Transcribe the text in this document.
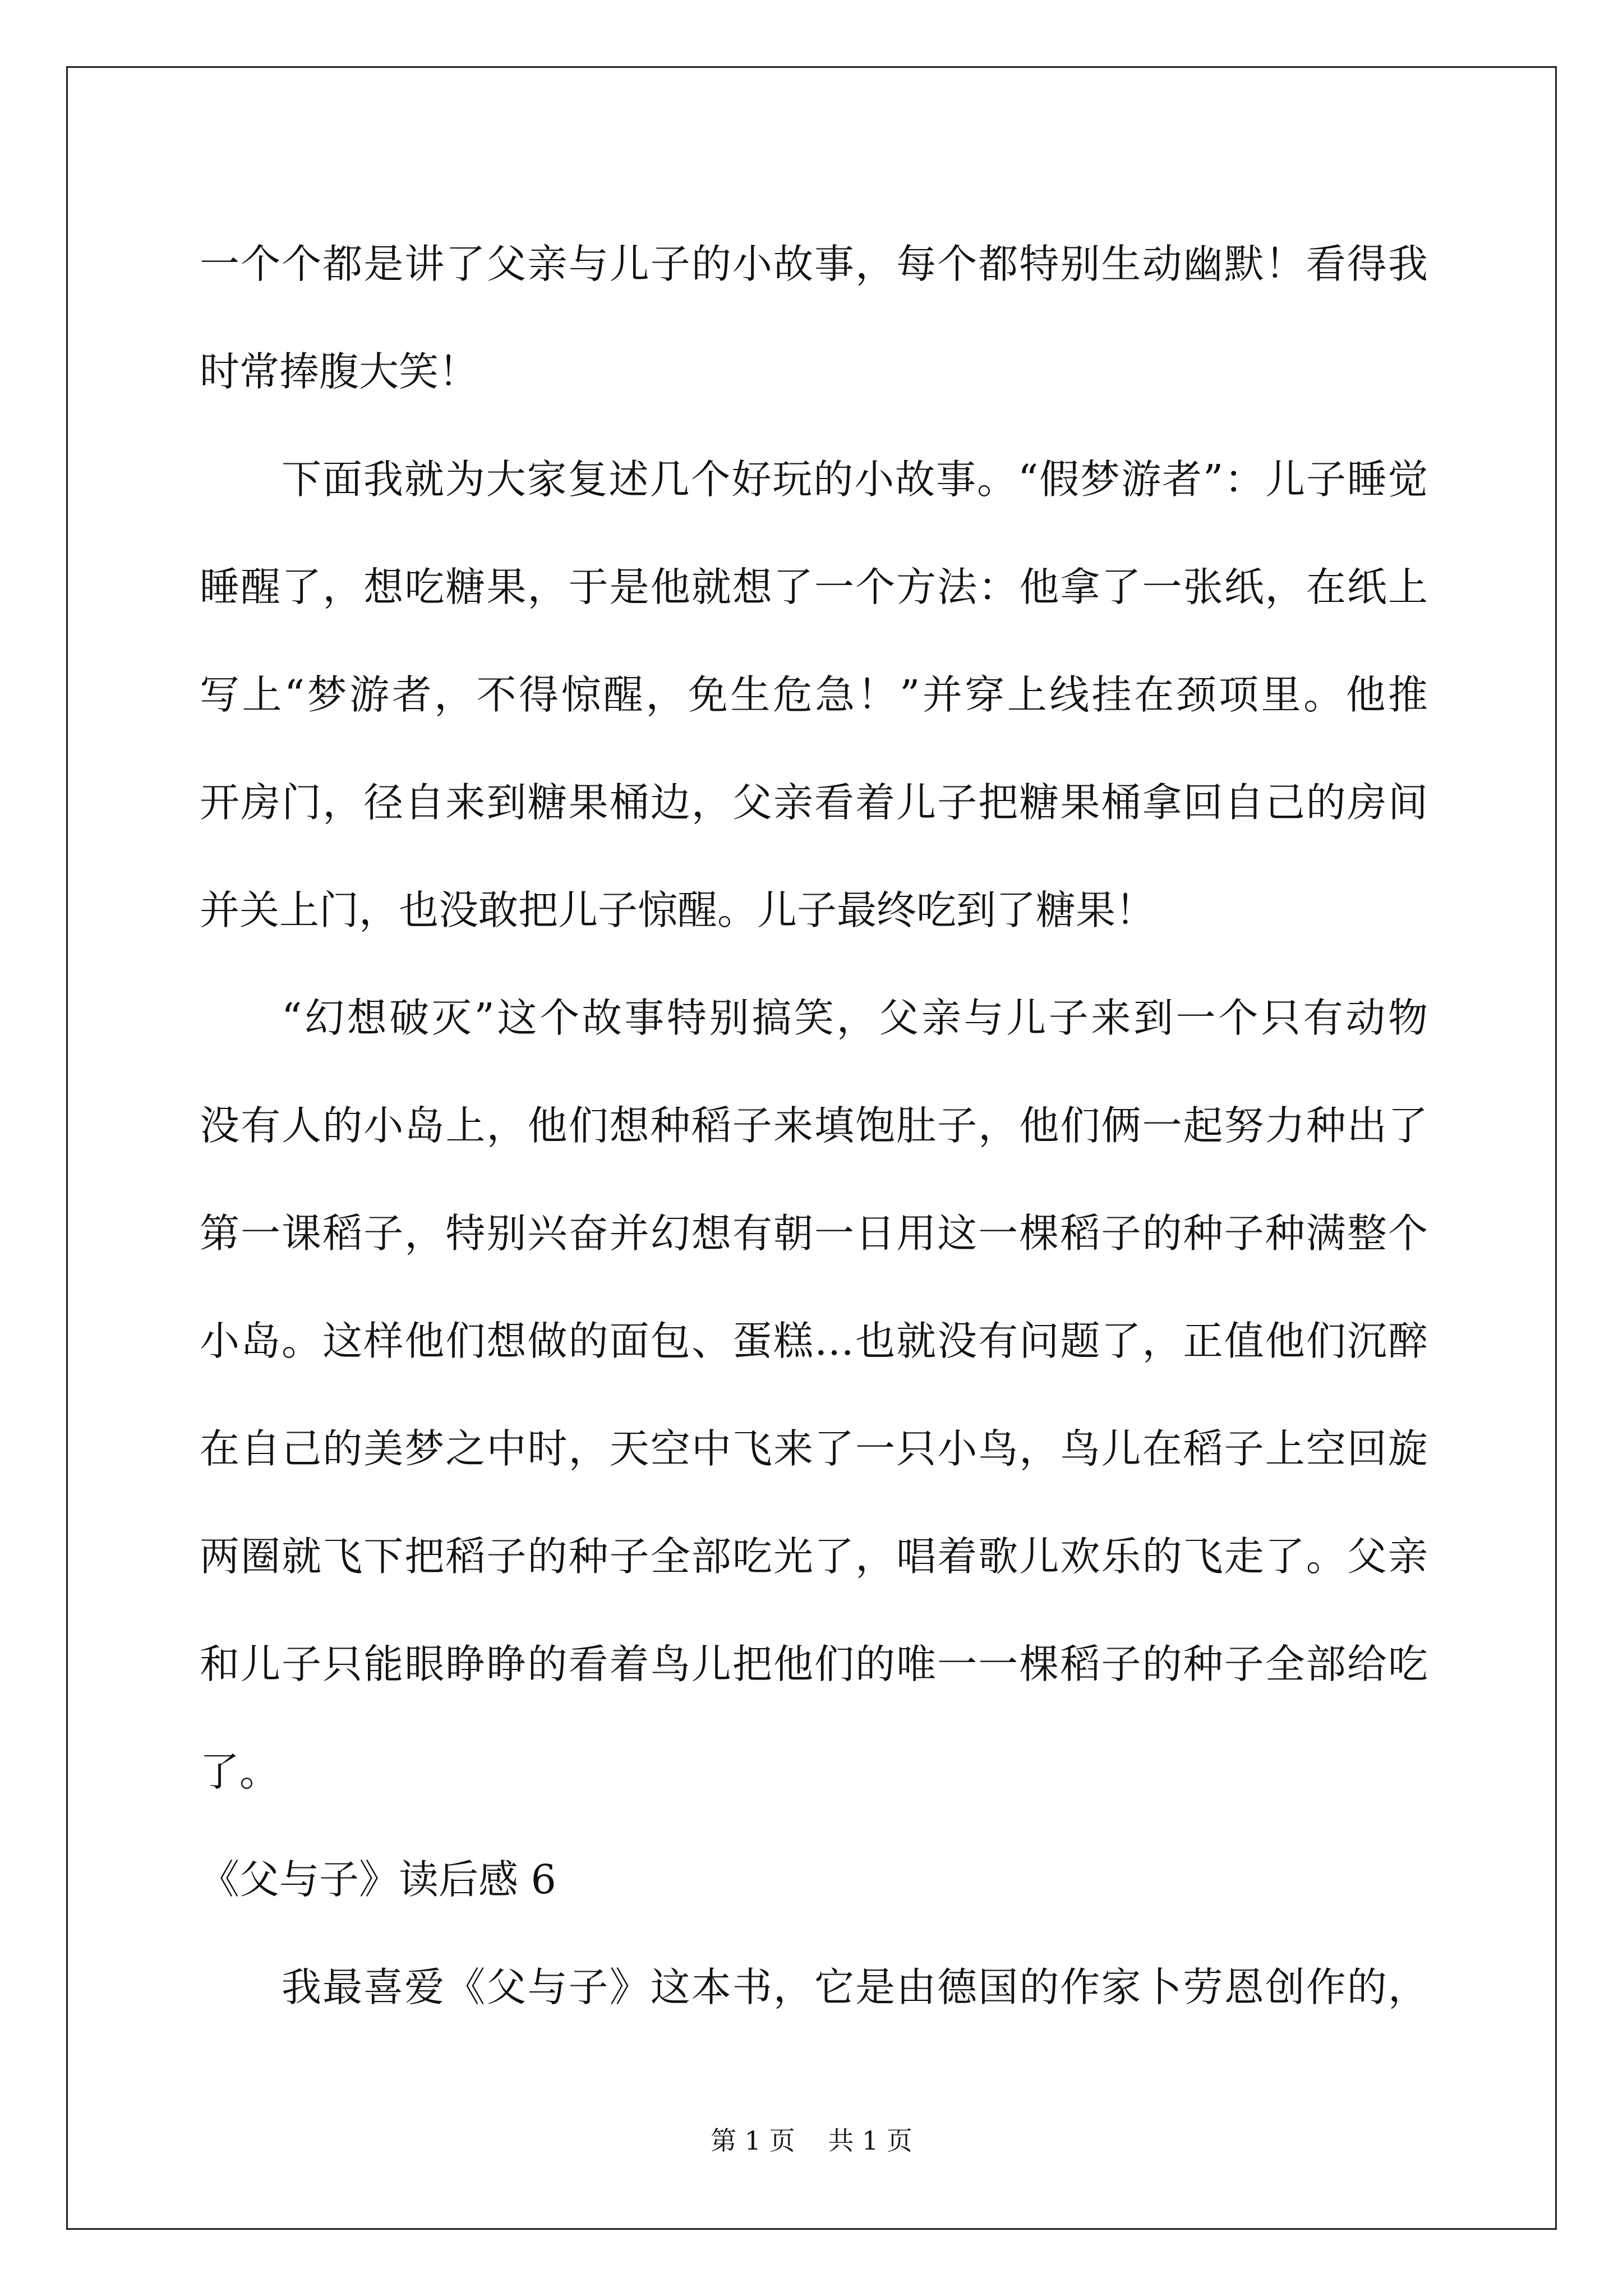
一个个都是讲了父亲与儿子的小故事，每个都特别生动幽默！看得我
时常捧腹大笑！
下面我就为大家复述几个好玩的小故事。“假梦游者”：儿子睡觉
睡醒了，想吃糖果，于是他就想了一个方法：他拿了一张纸，在纸上
写上“梦游者，不得惊醒，免生危急！”并穿上线挂在颈项里。他推
开房门，径自来到糖果桶边，父亲看着儿子把糖果桶拿回自己的房间
并关上门，也没敢把儿子惊醒。儿子最终吃到了糖果！
“幻想破灭”这个故事特别搞笑，父亲与儿子来到一个只有动物
没有人的小岛上，他们想种稻子来填饱肚子，他们俩一起努力种出了
第一课稻子，特别兴奋并幻想有朝一日用这一棵稻子的种子种满整个
小岛。这样他们想做的面包、蛋糕…也就没有问题了，正值他们沉醉
在自己的美梦之中时，天空中飞来了一只小鸟，鸟儿在稻子上空回旋
两圈就飞下把稻子的种子全部吃光了，唱着歌儿欢乐的飞走了。父亲
和儿子只能眼睁睁的看着鸟儿把他们的唯一一棵稻子的种子全部给吃
了。
《父与子》读后感 6
我最喜爱《父与子》这本书，它是由德国的作家卜劳恩创作的，
第 1 页 共 1 页
